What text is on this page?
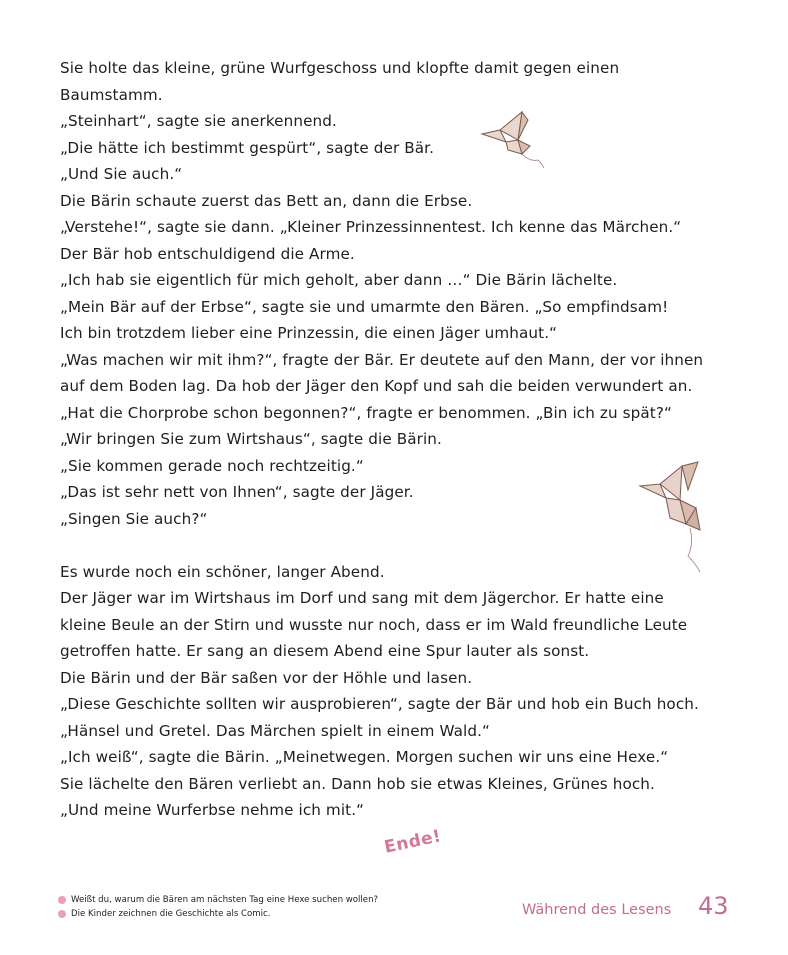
Sie holte das kleine, grüne Wurfgeschoss und klopfte damit gegen einen

Baumstamm.

„Steinhart“, sagte sie anerkennend.

„Die hätte ich bestimmt gespürt“, sagte der Bär.

„Und Sie auch.“

Die Bärin schaute zuerst das Bett an, dann die Erbse.

„Verstehe!“, sagte sie dann. „Kleiner Prinzessinnentest. Ich kenne das Märchen.“

Der Bär hob entschuldigend die Arme.

„Ich hab sie eigentlich für mich geholt, aber dann …“ Die Bärin lächelte.

„Mein Bär auf der Erbse“, sagte sie und umarmte den Bären. „So empfindsam!

Ich bin trotzdem lieber eine Prinzessin, die einen Jäger umhaut.“

„Was machen wir mit ihm?“, fragte der Bär. Er deutete auf den Mann, der vor ihnen

auf dem Boden lag. Da hob der Jäger den Kopf und sah die beiden verwundert an.

„Hat die Chorprobe schon begonnen?“, fragte er benommen. „Bin ich zu spät?“

„Wir bringen Sie zum Wirtshaus“, sagte die Bärin.

„Sie kommen gerade noch rechtzeitig.“

„Das ist sehr nett von Ihnen“, sagte der Jäger.

„Singen Sie auch?“

Es wurde noch ein schöner, langer Abend.

Der Jäger war im Wirtshaus im Dorf und sang mit dem Jägerchor. Er hatte eine

kleine Beule an der Stirn und wusste nur noch, dass er im Wald freundliche Leute

getroffen hatte. Er sang an diesem Abend eine Spur lauter als sonst.

Die Bärin und der Bär saßen vor der Höhle und lasen.

„Diese Geschichte sollten wir ausprobieren“, sagte der Bär und hob ein Buch hoch.

„Hänsel und Gretel. Das Märchen spielt in einem Wald.“

„Ich weiß“, sagte die Bärin. „Meinetwegen. Morgen suchen wir uns eine Hexe.“

Sie lächelte den Bären verliebt an. Dann hob sie etwas Kleines, Grünes hoch.

„Und meine Wurferbse nehme ich mit.“

Ende!
Weißt du, warum die Bären am nächsten Tag eine Hexe suchen wollen?
Die Kinder zeichnen die Geschichte als Comic.	Während des Lesens 43
